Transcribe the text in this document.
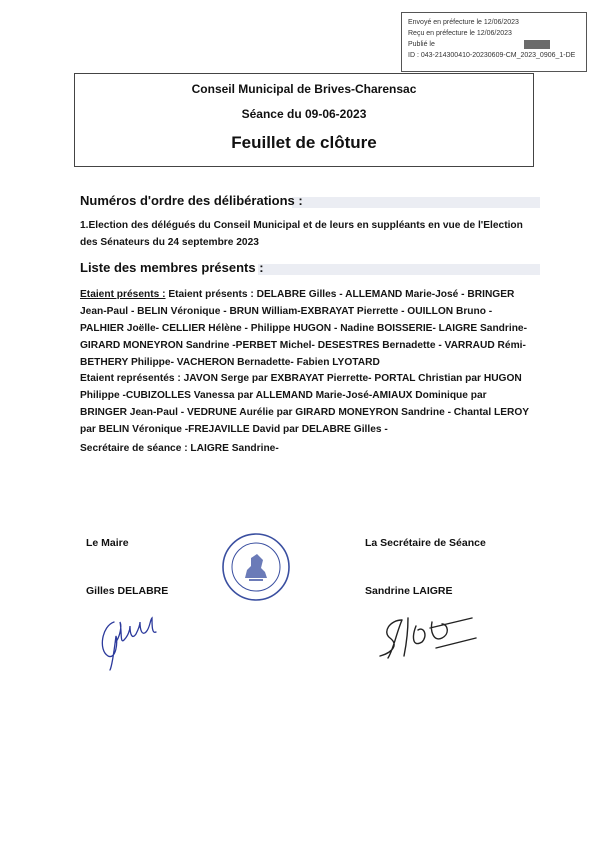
Envoyé en préfecture le 12/06/2023
Reçu en préfecture le 12/06/2023
Publié le
ID : 043-214300410-20230609-CM_2023_0906_1-DE
Conseil Municipal de Brives-Charensac
Séance du 09-06-2023
Feuillet de clôture
Numéros d'ordre des délibérations :
1.Election des délégués du Conseil Municipal et de leurs en suppléants en vue de l'Election des Sénateurs du 24 septembre 2023
Liste des membres présents :
Etaient présents : Etaient présents : DELABRE Gilles - ALLEMAND Marie-José - BRINGER Jean-Paul - BELIN Véronique - BRUN William-EXBRAYAT Pierrette - OUILLON Bruno - PALHIER Joëlle- CELLIER Hélène - Philippe HUGON - Nadine BOISSERIE- LAIGRE Sandrine- GIRARD MONEYRON Sandrine -PERBET Michel- DESESTRES Bernadette - VARRAUD Rémi- BETHERY Philippe- VACHERON Bernadette- Fabien LYOTARD
Etaient représentés : JAVON Serge par EXBRAYAT Pierrette- PORTAL Christian par HUGON Philippe -CUBIZOLLES Vanessa par ALLEMAND Marie-José-AMIAUX Dominique par BRINGER Jean-Paul - VEDRUNE Aurélie par GIRARD MONEYRON Sandrine - Chantal LEROY par BELIN Véronique -FREJAVILLE David par DELABRE Gilles -
Secrétaire de séance : LAIGRE Sandrine-
Le Maire
Gilles DELABRE
La Secrétaire de Séance
Sandrine LAIGRE
